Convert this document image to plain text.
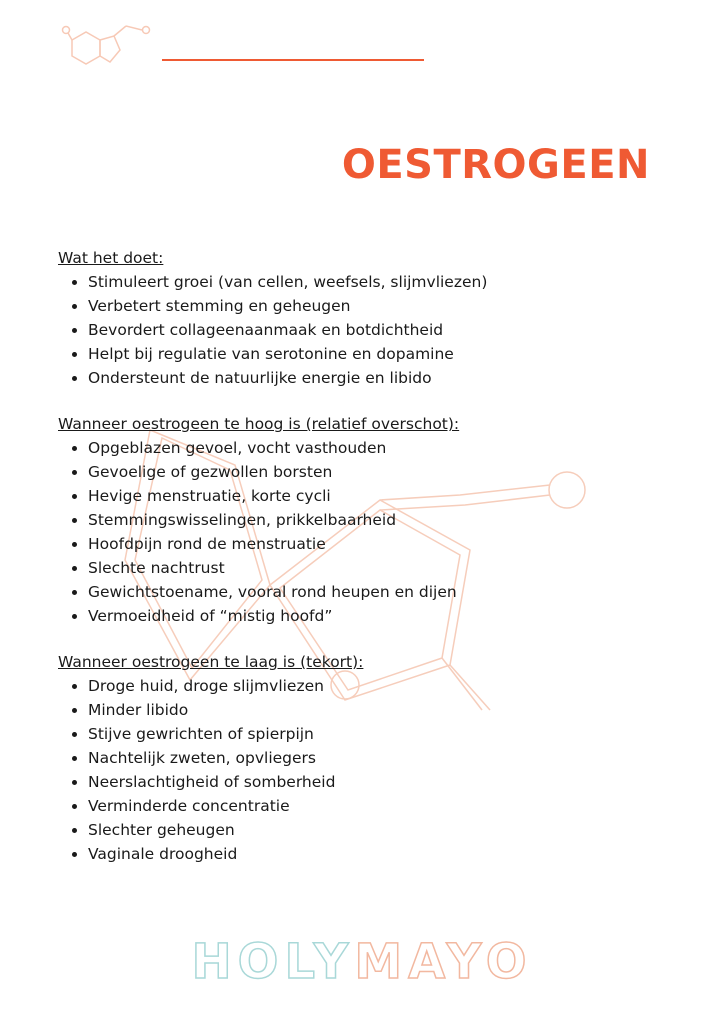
OESTROGEEN

Wat het doet:

• Stimuleert groei (van cellen, weefsels, slijmvliezen)
• Verbetert stemming en geheugen
• Bevordert collageenaanmaak en botdichtheid
• Helpt bij regulatie van serotonine en dopamine
• Ondersteunt de natuurlijke energie en libido

Wanneer oestrogeen te hoog is (relatief overschot):

• Opgeblazen gevoel, vocht vasthouden
• Gevoelige of gezwollen borsten
• Hevige menstruatie, korte cycli
• Stemmingswisselingen, prikkelbaarheid
• Hoofdpijn rond de menstruatie
• Slechte nachtrust
• Gewichtstoename, vooral rond heupen en dijen
• Vermoeidheid of “mistig hoofd”

Wanneer oestrogeen te laag is (tekort):

• Droge huid, droge slijmvliezen
• Minder libido
• Stijve gewrichten of spierpijn
• Nachtelijk zweten, opvliegers
• Neerslachtigheid of somberheid
• Verminderde concentratie
• Slechter geheugen
• Vaginale droogheid
HOLYMAYO
